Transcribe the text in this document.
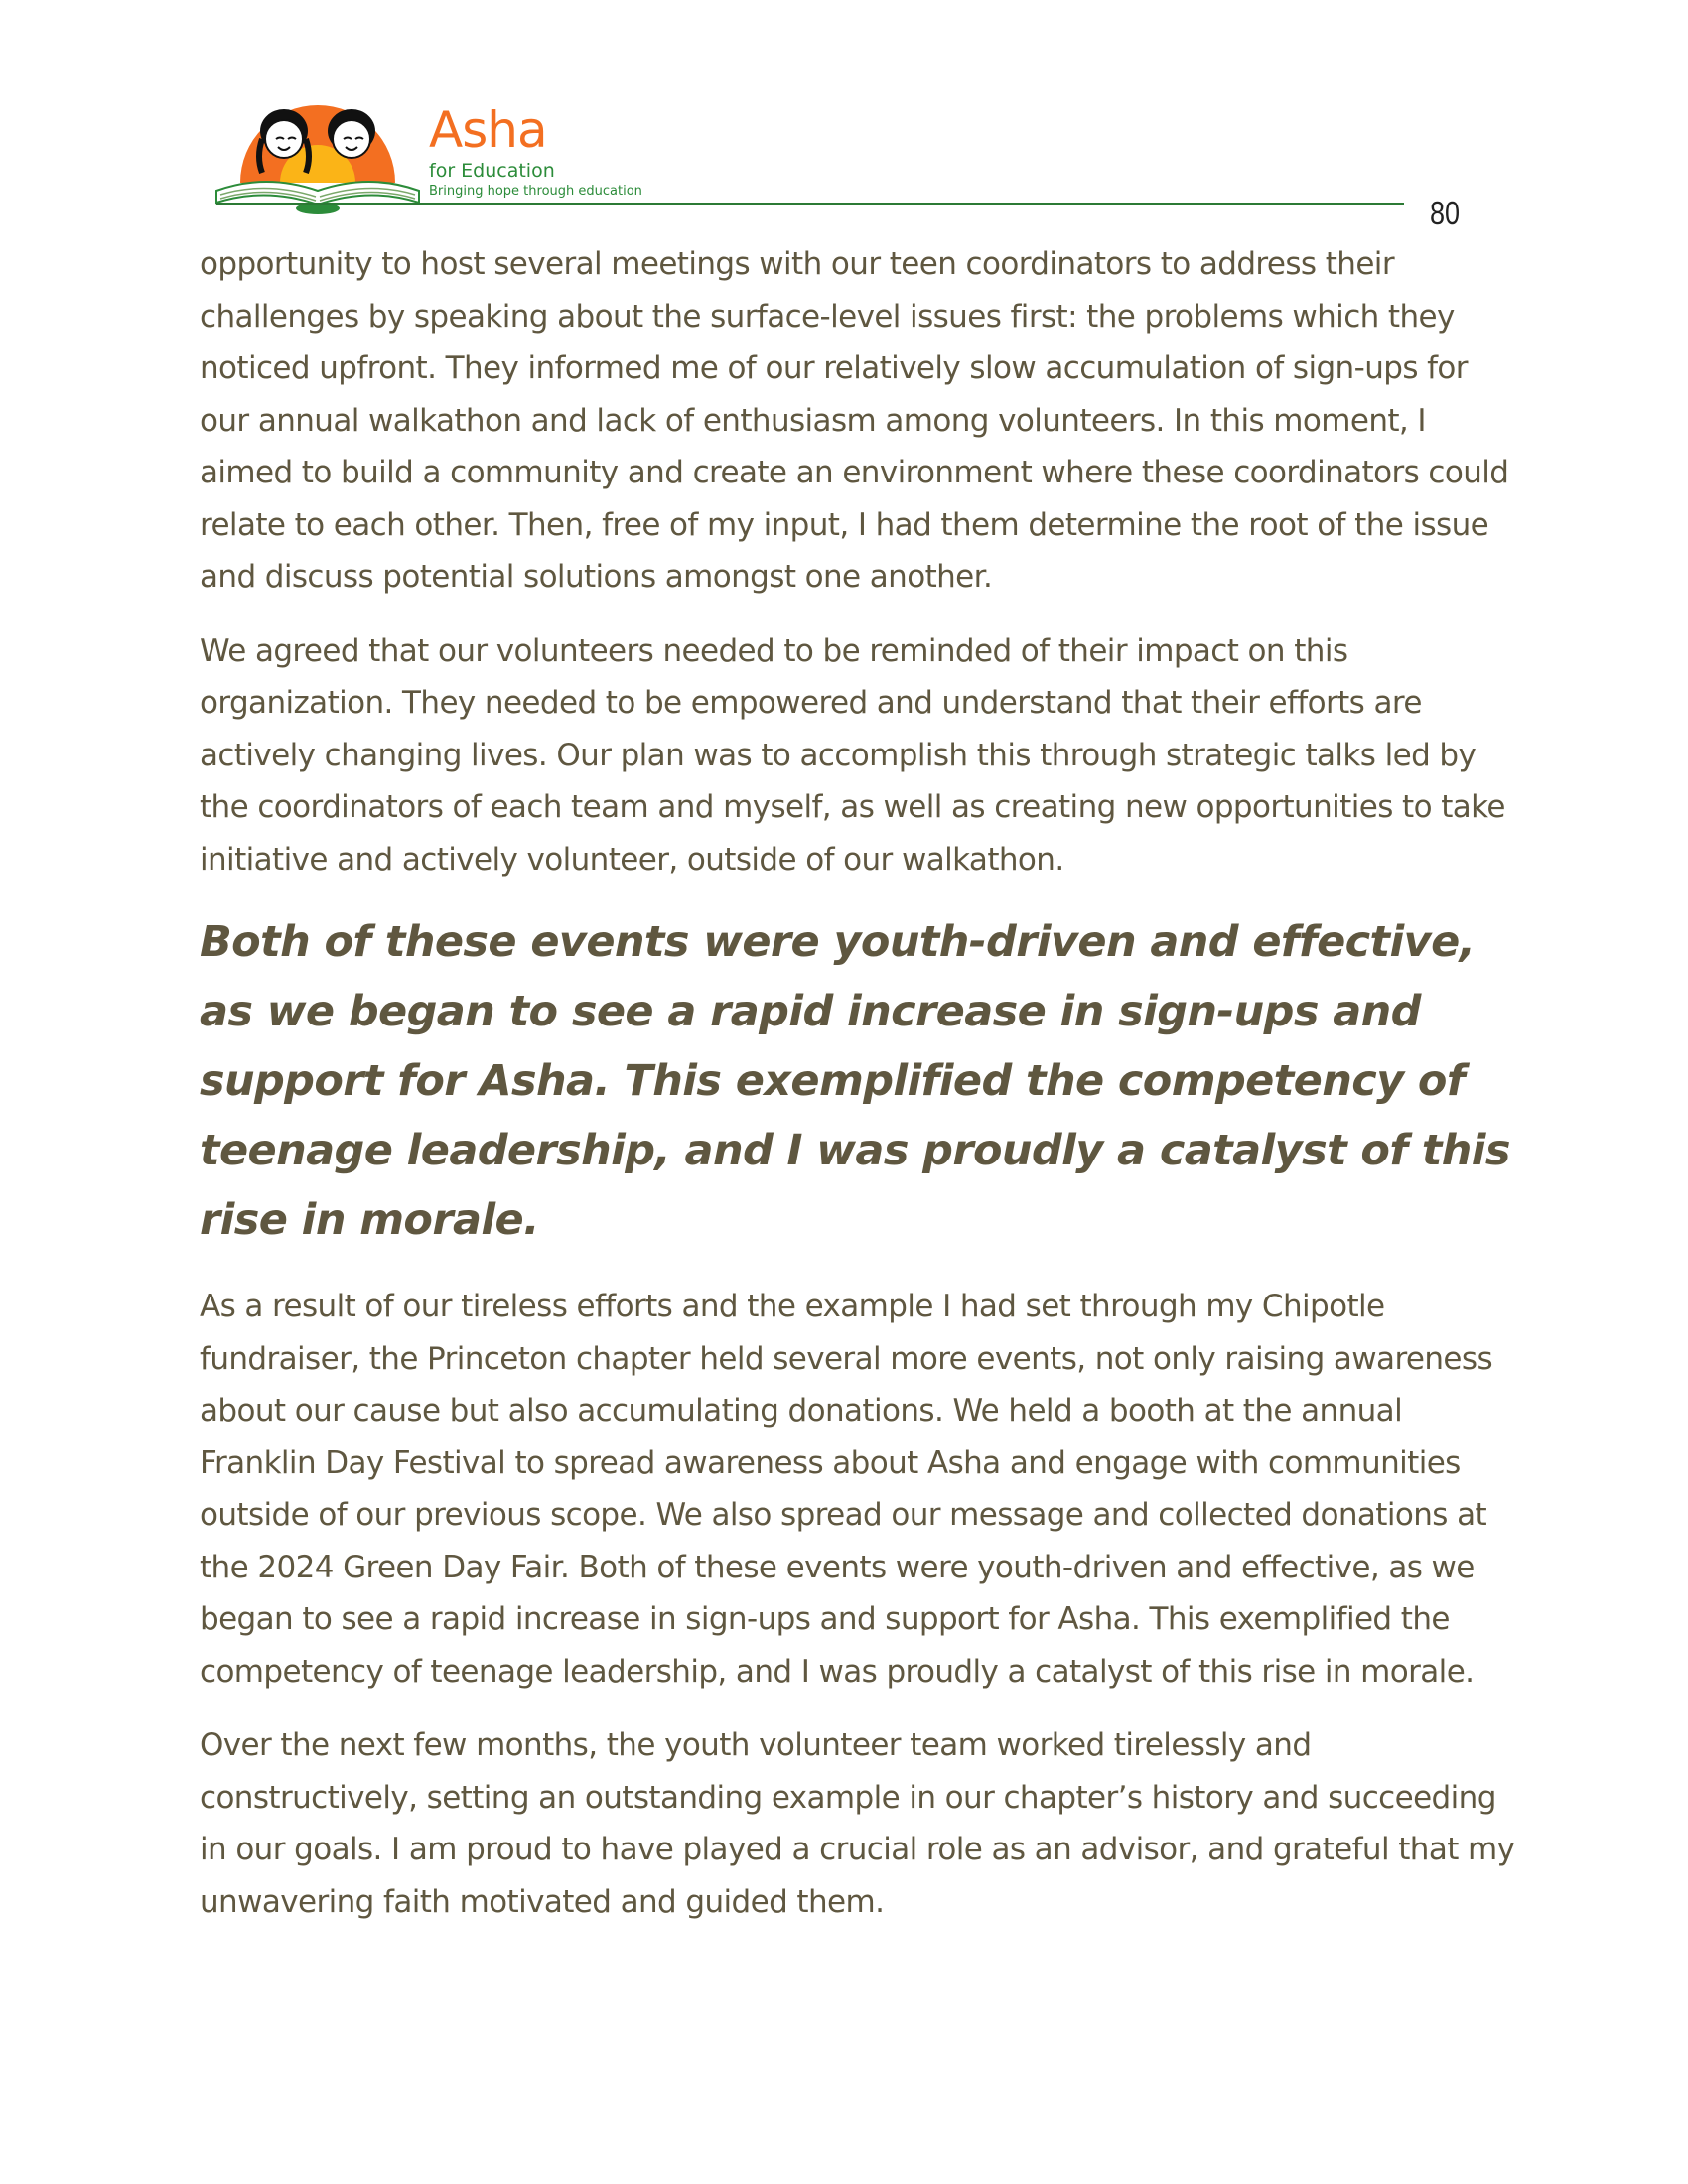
Asha
for Education
Bringing hope through education
80

opportunity to host several meetings with our teen coordinators to address their challenges by speaking about the surface-level issues first: the problems which they noticed upfront. They informed me of our relatively slow accumulation of sign-ups for our annual walkathon and lack of enthusiasm among volunteers. In this moment, I aimed to build a community and create an environment where these coordinators could relate to each other. Then, free of my input, I had them determine the root of the issue and discuss potential solutions amongst one another.

We agreed that our volunteers needed to be reminded of their impact on this organization. They needed to be empowered and understand that their efforts are actively changing lives. Our plan was to accomplish this through strategic talks led by the coordinators of each team and myself, as well as creating new opportunities to take initiative and actively volunteer, outside of our walkathon.

Both of these events were youth-driven and effective, as we began to see a rapid increase in sign-ups and support for Asha. This exemplified the competency of teenage leadership, and I was proudly a catalyst of this rise in morale.

As a result of our tireless efforts and the example I had set through my Chipotle fundraiser, the Princeton chapter held several more events, not only raising awareness about our cause but also accumulating donations. We held a booth at the annual Franklin Day Festival to spread awareness about Asha and engage with communities outside of our previous scope. We also spread our message and collected donations at the 2024 Green Day Fair. Both of these events were youth-driven and effective, as we began to see a rapid increase in sign-ups and support for Asha. This exemplified the competency of teenage leadership, and I was proudly a catalyst of this rise in morale.

Over the next few months, the youth volunteer team worked tirelessly and constructively, setting an outstanding example in our chapter’s history and succeeding in our goals. I am proud to have played a crucial role as an advisor, and grateful that my unwavering faith motivated and guided them.
